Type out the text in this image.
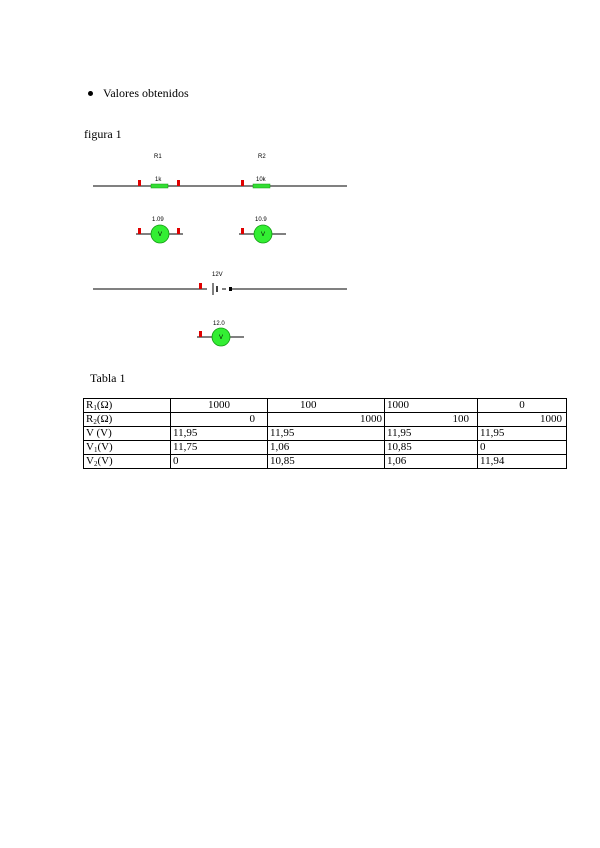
Valores obtenidos
figura 1
R1
1k
R2
10k
1.09
V
10.9
V
12V
12.0
V
Tabla 1
$R_1(\Omega)$	1000	100	1000	0
$R_2(\Omega)$	0	1000	100	1000
V (V)	11,95	11,95	11,95	11,95
$V_1(V)$	11,75	1,06	10,85	0
$V_2(V)$	0	10,85	1,06	11,94
